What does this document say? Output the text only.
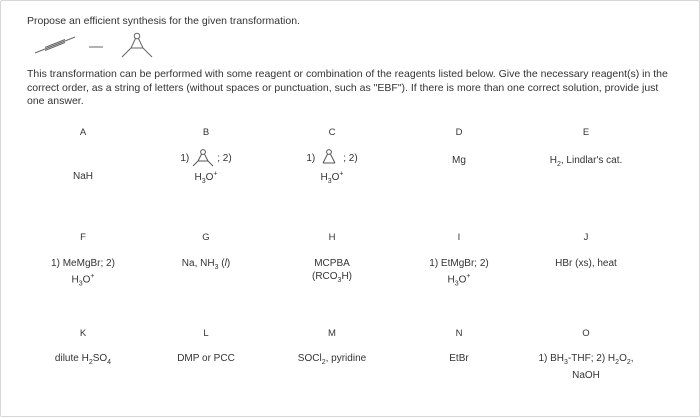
Propose an efficient synthesis for the given transformation.
This transformation can be performed with some reagent or combination of the reagents listed below. Give the necessary reagent(s) in the correct order, as a string of letters (without spaces or punctuation, such as "EBF"). If there is more than one correct solution, provide just one answer.
A
NaH
B
1)	; 2)
$H_3O^+$
C
1)	; 2)
$H_3O^+$
D
Mg
E
$H_2$, Lindlar's cat.
F
1) MeMgBr; 2)
$H_3O^+$
G
Na, $NH_3$ (l)
H
MCPBA
$(RCO_3H)$
I
1) EtMgBr; 2)
$H_3O^+$
J
HBr (xs), heat
K
dilute $H_2SO_4$
L
DMP or PCC
M
SOCl$_2$, pyridine
N
EtBr
O
1) $BH_3$-THF; 2) $H_2O_2$,
NaOH
